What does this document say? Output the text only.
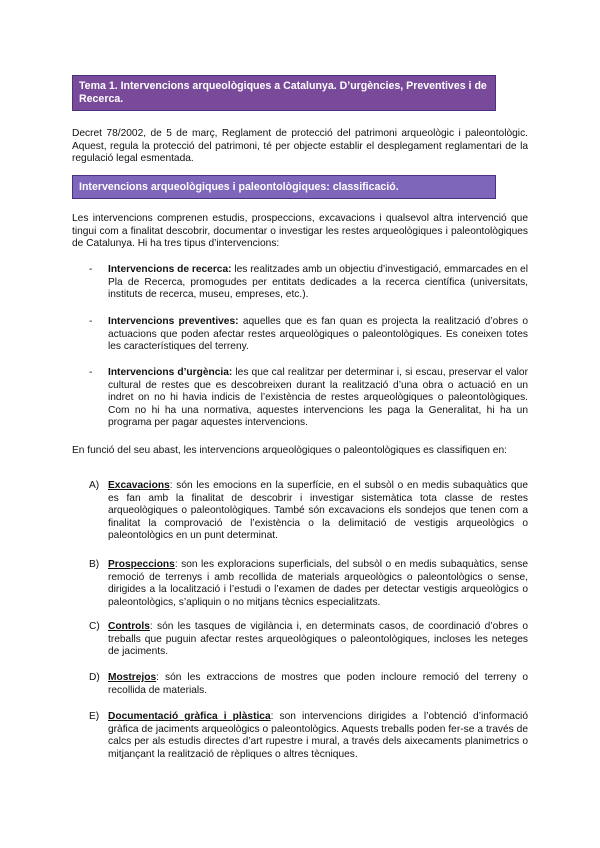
Tema 1. Intervencions arqueològiques a Catalunya. D’urgències, Preventives i de Recerca.

Decret 78/2002, de 5 de març, Reglament de protecció del patrimoni arqueològic i paleontològic. Aquest, regula la protecció del patrimoni, té per objecte establir el desplegament reglamentari de la regulació legal esmentada.

Intervencions arqueològiques i paleontològiques: classificació.

Les intervencions comprenen estudis, prospeccions, excavacions i qualsevol altra intervenció que tingui com a finalitat descobrir, documentar o investigar les restes arqueològiques i paleontològiques de Catalunya. Hi ha tres tipus d’intervencions:

- Intervencions de recerca: les realitzades amb un objectiu d’investigació, emmarcades en el Pla de Recerca, promogudes per entitats dedicades a la recerca científica (universitats, instituts de recerca, museu, empreses, etc.).
- Intervencions preventives: aquelles que es fan quan es projecta la realització d’obres o actuacions que poden afectar restes arqueològiques o paleontològiques. Es coneixen totes les característiques del terreny.
- Intervencions d’urgència: les que cal realitzar per determinar i, si escau, preservar el valor cultural de restes que es descobreixen durant la realització d’una obra o actuació en un indret on no hi havia indicis de l’existència de restes arqueològiques o paleontològiques. Com no hi ha una normativa, aquestes intervencions les paga la Generalitat, hi ha un programa per pagar aquestes intervencions.

En funció del seu abast, les intervencions arqueològiques o paleontològiques es classifiquen en:

A) Excavacions: són les emocions en la superfície, en el subsòl o en medis subaquàtics que es fan amb la finalitat de descobrir i investigar sistemàtica tota classe de restes arqueològiques o paleontològiques. També són excavacions els sondejos que tenen com a finalitat la comprovació de l’existència o la delimitació de vestigis arqueològics o paleontològics en un punt determinat.
B) Prospeccions: son les exploracions superficials, del subsòl o en medis subaquàtics, sense remoció de terrenys i amb recollida de materials arqueològics o paleontològics o sense, dirigides a la localització i l’estudi o l’examen de dades per detectar vestigis arqueològics o paleontològics, s’apliquin o no mitjans tècnics especialitzats.
C) Controls: són les tasques de vigilància i, en determinats casos, de coordinació d’obres o treballs que puguin afectar restes arqueològiques o paleontològiques, incloses les neteges de jaciments.
D) Mostrejos: són les extraccions de mostres que poden incloure remoció del terreny o recollida de materials.
E) Documentació gràfica i plàstica: son intervencions dirigides a l’obtenció d’informació gràfica de jaciments arqueològics o paleontològics. Aquests treballs poden fer-se a través de calcs per als estudis directes d’art rupestre i mural, a través dels aixecaments planimetrics o mitjançant la realització de rèpliques o altres tècniques.
